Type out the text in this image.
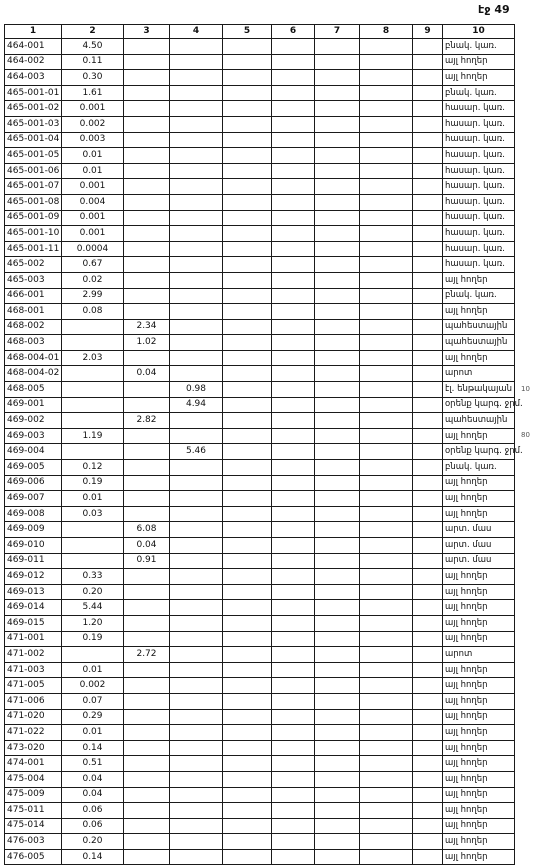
էջ 49
1	2	3	4	5	6	7	8	9	10
464-001	4.50								բնակ. կառ.
464-002	0.11								այլ հողեր
464-003	0.30								այլ հողեր
465-001-01	1.61								բնակ. կառ.
465-001-02	0.001								հասար. կառ.
465-001-03	0.002								հասար. կառ.
465-001-04	0.003								հասար. կառ.
465-001-05	0.01								հասար. կառ.
465-001-06	0.01								հասար. կառ.
465-001-07	0.001								հասար. կառ.
465-001-08	0.004								հասար. կառ.
465-001-09	0.001								հասար. կառ.
465-001-10	0.001								հասար. կառ.
465-001-11	0.0004								հասար. կառ.
465-002	0.67								հասար. կառ.
465-003	0.02								այլ հողեր
466-001	2.99								բնակ. կառ.
468-001	0.08								այլ հողեր
468-002		2.34							պահեստային
468-003		1.02							պահեստային
468-004-01	2.03								այլ հողեր
468-004-02		0.04							արոտ
468-005			0.98						էլ. ենթակայան
469-001			4.94						օրենք կարգ. ջրմ.
469-002		2.82							պահեստային
469-003	1.19								այլ հողեր
469-004			5.46						օրենք կարգ. ջրմ.
469-005	0.12								բնակ. կառ.
469-006	0.19								այլ հողեր
469-007	0.01								այլ հողեր
469-008	0.03								այլ հողեր
469-009		6.08							արտ. մաս
469-010		0.04							արտ. մաս
469-011		0.91							արտ. մաս
469-012	0.33								այլ հողեր
469-013	0.20								այլ հողեր
469-014	5.44								այլ հողեր
469-015	1.20								այլ հողեր
471-001	0.19								այլ հողեր
471-002		2.72							արոտ
471-003	0.01								այլ հողեր
471-005	0.002								այլ հողեր
471-006	0.07								այլ հողեր
471-020	0.29								այլ հողեր
471-022	0.01								այլ հողեր
473-020	0.14								այլ հողեր
474-001	0.51								այլ հողեր
475-004	0.04								այլ հողեր
475-009	0.04								այլ հողեր
475-011	0.06								այլ հողեր
475-014	0.06								այլ հողեր
476-003	0.20								այլ հողեր
476-005	0.14								այլ հողեր
10
80
